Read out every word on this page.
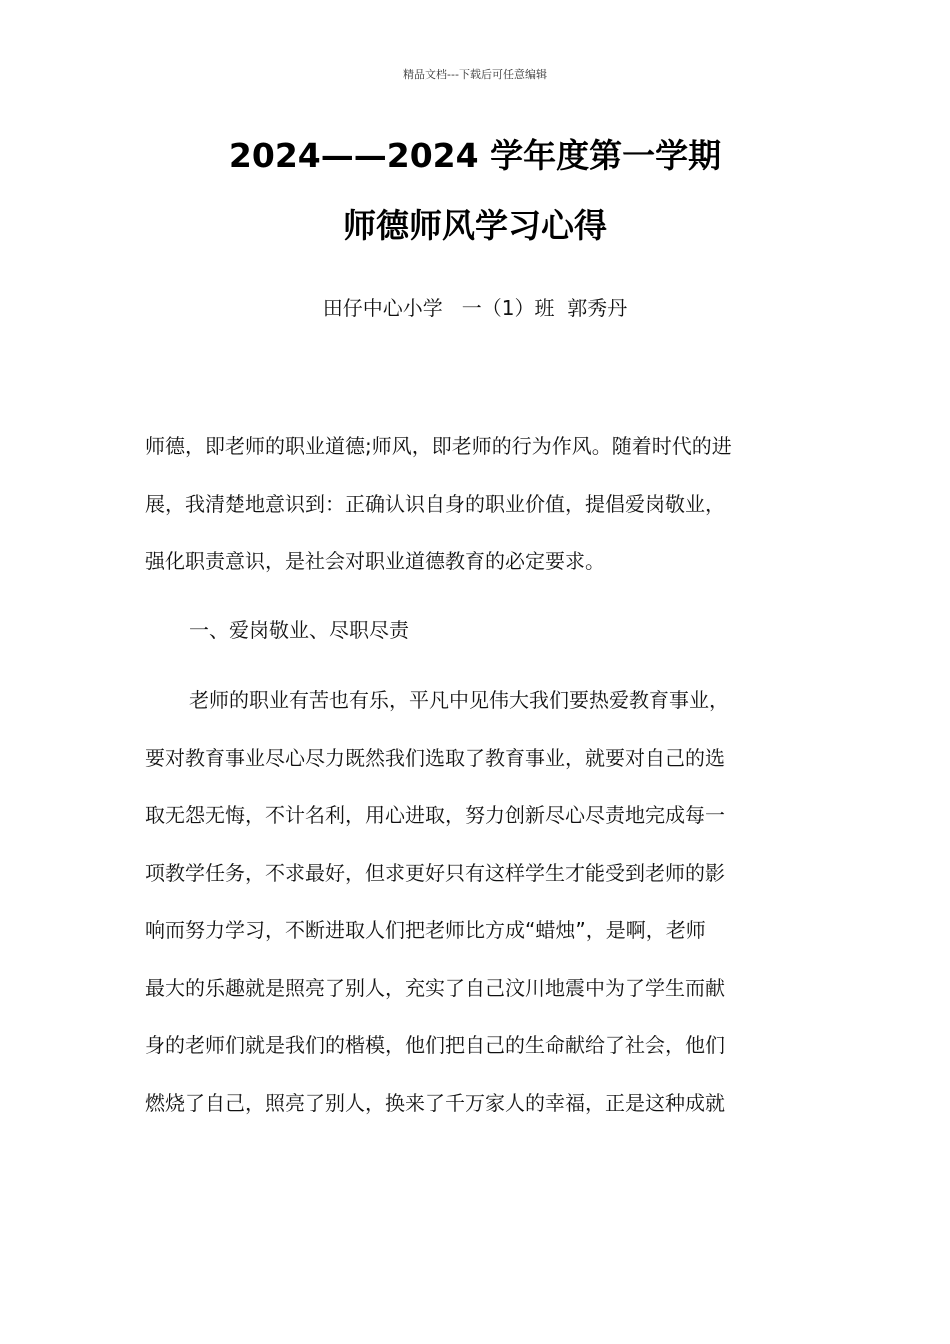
精品文档---下载后可任意编辑
2024——2024 学年度第一学期
师德师风学习心得
田仔中心小学   一（1）班  郭秀丹
师德，即老师的职业道德;师风，即老师的行为作风。随着时代的进
展，我清楚地意识到：正确认识自身的职业价值，提倡爱岗敬业，
强化职责意识，是社会对职业道德教育的必定要求。
一、爱岗敬业、尽职尽责
老师的职业有苦也有乐，平凡中见伟大我们要热爱教育事业，
要对教育事业尽心尽力既然我们选取了教育事业，就要对自己的选
取无怨无悔，不计名利，用心进取，努力创新尽心尽责地完成每一
项教学任务，不求最好，但求更好只有这样学生才能受到老师的影
响而努力学习，不断进取人们把老师比方成“蜡烛”，是啊，老师
最大的乐趣就是照亮了别人，充实了自己汶川地震中为了学生而献
身的老师们就是我们的楷模，他们把自己的生命献给了社会，他们
燃烧了自己，照亮了别人，换来了千万家人的幸福，正是这种成就
